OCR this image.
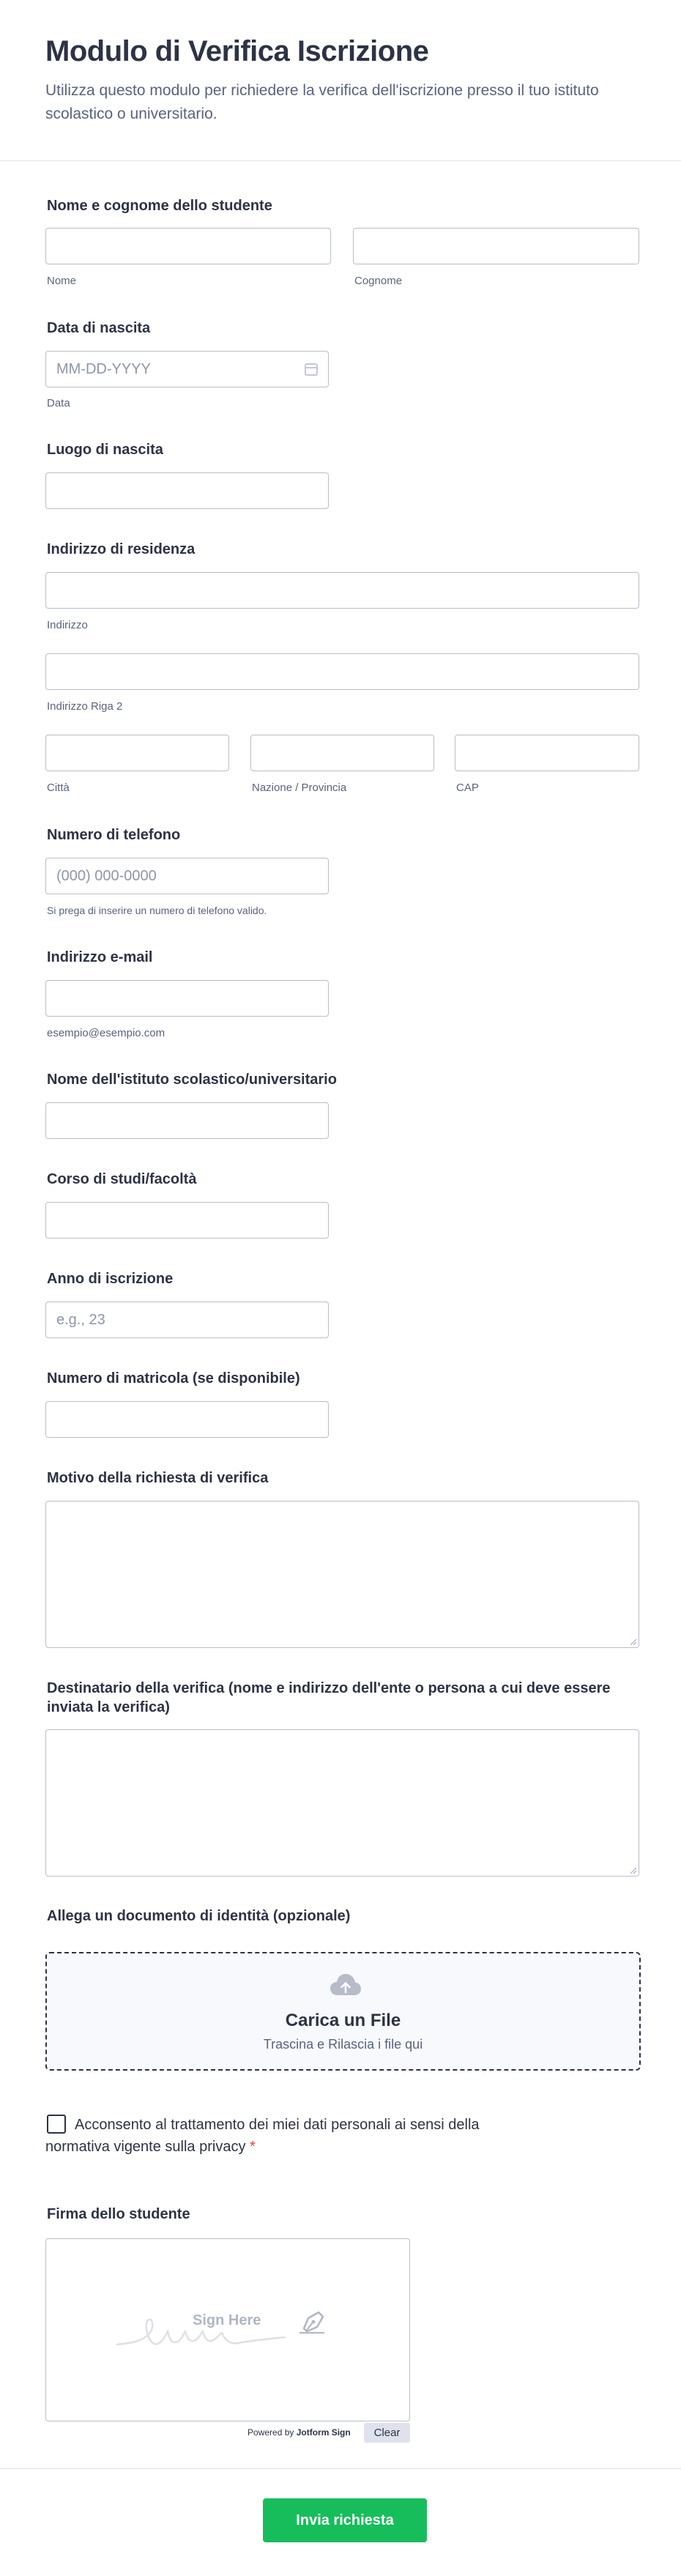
Modulo di Verifica Iscrizione

Utilizza questo modulo per richiedere la verifica dell'iscrizione presso il tuo istituto scolastico o universitario.

Nome e cognome dello studente
Nome	Cognome
Data di nascita
MM-DD-YYYY
Data
Luogo di nascita
Indirizzo di residenza
Indirizzo
Indirizzo Riga 2
Città	Nazione / Provincia	CAP
Numero di telefono
(000) 000-0000
Si prega di inserire un numero di telefono valido.
Indirizzo e-mail
esempio@esempio.com
Nome dell'istituto scolastico/universitario
Corso di studi/facoltà
Anno di iscrizione
e.g., 23
Numero di matricola (se disponibile)
Motivo della richiesta di verifica
Destinatario della verifica (nome e indirizzo dell'ente o persona a cui deve essere inviata la verifica)
Allega un documento di identità (opzionale)
Carica un File
Trascina e Rilascia i file qui
Acconsento al trattamento dei miei dati personali ai sensi della normativa vigente sulla privacy *
Firma dello studente
Sign Here
Powered by Jotform Sign	Clear
Invia richiesta
